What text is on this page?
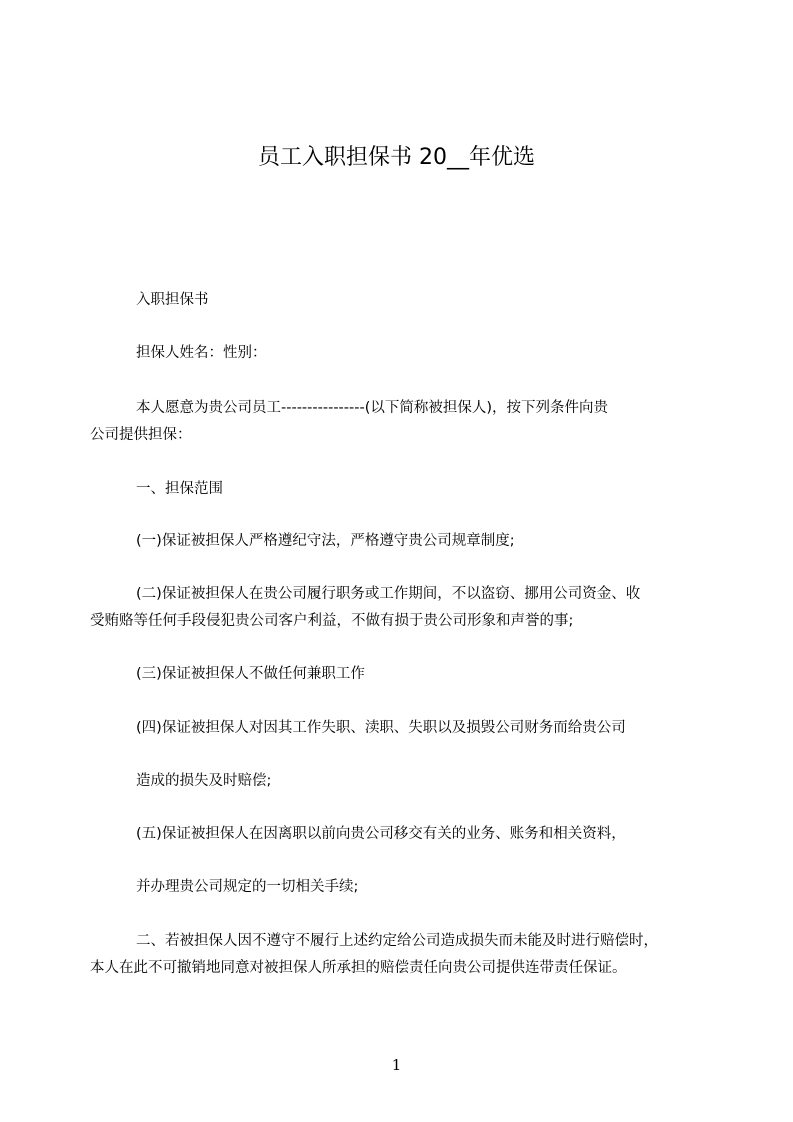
员工入职担保书 20__年优选
入职担保书
担保人姓名：性别：
本人愿意为贵公司员工----------------(以下简称被担保人)，按下列条件向贵
公司提供担保：
一、担保范围
(一)保证被担保人严格遵纪守法，严格遵守贵公司规章制度;
(二)保证被担保人在贵公司履行职务或工作期间，不以盗窃、挪用公司资金、收
受贿赂等任何手段侵犯贵公司客户利益，不做有损于贵公司形象和声誉的事;
(三)保证被担保人不做任何兼职工作
(四)保证被担保人对因其工作失职、渎职、失职以及损毁公司财务而给贵公司
造成的损失及时赔偿;
(五)保证被担保人在因离职以前向贵公司移交有关的业务、账务和相关资料，
并办理贵公司规定的一切相关手续;
二、若被担保人因不遵守不履行上述约定给公司造成损失而未能及时进行赔偿时，
本人在此不可撤销地同意对被担保人所承担的赔偿责任向贵公司提供连带责任保证。
1
